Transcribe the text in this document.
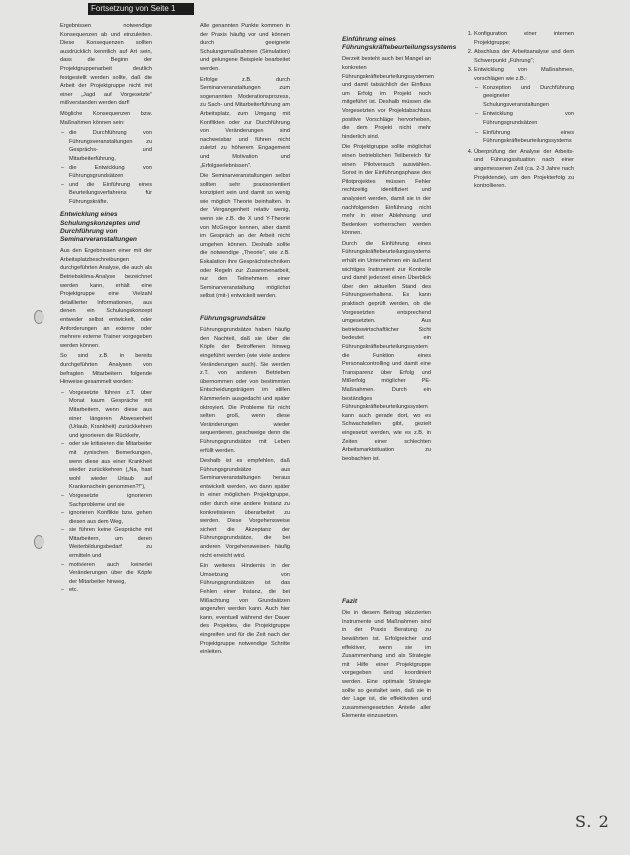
Fortsetzung von Seite 1

Ergebnissen notwendige Konsequenzen ab und einzuleiten. Diese Konsequenzen sollten ausdrücklich kenntlich auf Art sein, dass die Beginn der Projektgruppenarbeit deutlich festgestellt werden sollte, daß die Arbeit der Projektgruppe nicht mit einer „Jagd auf Vorgesetzte" mißverstanden werden darf!

Mögliche Konsequenzen bzw. Maßnahmen können sein:

– die Durchführung von Führungsveranstaltungen zu Gesprächs- und Mitarbeiterführung,
– die Entwicklung von Führungsgrundsätzen
– und die Einführung eines Beurteilungsverfahrens für Führungskräfte.
Entwicklung eines Schulungskonzeptes und Durchführung von Seminarveranstaltungen

Aus den Ergebnissen einer mit der Arbeitsplatzbeschreibungen durchgeführten Analyse, die auch als Betriebsklima-Analyse bezeichnet werden kann, erhält eine Projektgruppe eine Vielzahl detaillierter Informationen, aus denen ein Schulungskonzept entweder selbst entwickelt, oder Anforderungen an externe oder mehrere externe Trainer vorgegeben werden können.

So sind z.B. in bereits durchgeführten Analysen von befragten Mitarbeitern folgende Hinweise gesammelt worden:

– Vorgesetzte führen z.T. über Monat kaum Gespräche mit Mitarbeitern, wenn diese aus einer längeren Abwesenheit (Urlaub, Krankheit) zurückkehren und ignorieren die Rückkehr,
– oder sie kritisieren die Mitarbeiter mit zynischen Bemerkungen, wenn diese aus einer Krankheit wieder zurückkehren („Na, hast wohl wieder Urlaub auf Krankenschein genommen?!"),
– Vorgesetzte ignorieren Sachprobleme und sie
– ignorieren Konflikte bzw. gehen diesen aus dem Weg,
– sie führen keine Gespräche mit Mitarbeitern, um deren Weiterbildungsbedarf zu ermitteln und
– motivieren auch keinerlei Veränderungen über die Köpfe der Mitarbeiter hinweg,
– etc.

Alle genannten Punkte kommen in der Praxis häufig vor und können durch geeignete Schulungsmaßnahmen (Simulation) und gelungene Beispiele bearbeitet werden.

Erfolge z.B. durch Seminarveranstaltungen zum sogenannten Moderationsprozess, zu Sach- und Mitarbeiterführung am Arbeitsplatz, zum Umgang mit Konflikten oder zur Durchführung von Veränderungen sind nachweisbar und führen nicht zuletzt zu höherem Engagement und Motivation und „Erfolgserlebnissen".

Die Seminarveranstaltungen selbst sollten sehr praxisorientiert konzipiert sein und damit so wenig wie möglich Theorie beinhalten. In der Vergangenheit relativ wenig, wenn sie z.B. die X und Y-Theorie von McGregor kennen, aber damit im Gespräch an der Arbeit nicht umgehen können. Deshalb sollte die notwendige „Theorie", wie z.B. Eskalation ihre Gesprächstechniken oder Regeln zur Zusammenarbeit, nur den Teilnehmern einer Seminarveranstaltung möglichst selbst (mit-) entwickelt werden.

Führungsgrundsätze

Führungsgrundsätze haben häufig den Nachteil, daß sie über die Köpfe der Betroffenen hinweg eingeführt werden (wie viele andere Veränderungen auch). Sie werden z.T. von anderen Betrieben übernommen oder von bestimmten Entscheidungsträgern im stillen Kämmerlein ausgedacht und später oktroyiert. Die Probleme für nicht selten groß, wenn diese Veränderungen wieder sequentieren, geschweige denn die Führungsgrundsätze mit Leben erfüllt werden.

Deshalb ist es empfehlen, daß Führungsgrundsätze aus Seminarveranstaltungen heraus entwickelt werden, wo dann später in einer möglichen Projektgruppe, oder durch eine andere Instanz zu konkretisieren überarbeitet zu werden. Diese Vorgehensweise sichert die Akzeptanz der Führungsgrundsätze, die bei anderen Vorgehensweisen häufig nicht erreicht wird.

Ein weiteres Hindernis in der Umsetzung von Führungsgrundsätzen ist das Fehlen einer Instanz, die bei Mißachtung von Grundsätzen angerufen werden kann. Auch hier kann, eventuell während der Dauer des Projektes, die Projektgruppe eingreifen und für die Zeit nach der Projektgruppe notwendige Schritte einleiten.

Einführung eines Führungskräftebeurteilungssystems

Derzeit besteht auch bei Mangel an konkreten Führungskräftebeurteilungssystemen und damit tatsächlich der Einfluss um Erfolg im Projekt noch mitgeführt ist. Deshalb müssen die Vorgesetzten vor Projektabschluss positive Vorschläge hervorheben, die dem Projekt nicht mehr hinderlich sind.

Die Projektgruppe sollte möglichst einen betrieblichen Teilbereich für einen Pilotversuch auswählen. Sonst in der Einführungsphase des Pilotprojektes müssen Fehler rechtzeitig identifiziert und analysiert werden, damit sie in der nachfolgenden Einführung nicht mehr in einer Ablehnung und Bedenken vorherrschen werden können.

Durch die Einführung eines Führungskräftebeurteilungssystems erhält ein Unternehmen ein äußerst wichtiges Instrument zur Kontrolle und damit jederzeit einen Überblick über den aktuellen Stand des Führungsverhaltens. Es kann praktisch geprüft werden, ob die Vorgesetzten entsprechend umgesetzten. Aus betriebswirtschaftlicher Sicht bedeutet ein Führungskräftebeurteilungssystem die Funktion eines Personalcontrolling und damit eine Transparenz über Erfolg und Mißerfolg möglicher PE-Maßnahmen. Durch ein beständiges Führungskräftebeurteilungssystem kann auch gerade dort, wo es Schwachstellen gibt, gezielt eingesetzt werden, wie es z.B. in Zeiten einer schlechten Arbeitsmarktsituation zu beobachten ist.

Fazit

Die in diesem Beitrag skizzierten Instrumente und Maßnahmen sind in der Praxis Beratung zu bewährten ist. Erfolgreicher und effektiver, wenn sie im Zusammenhang und als Strategie mit Hilfe einer Projektgruppe vorgegeben und koordiniert werden. Eine optimale Strategie sollte so gestaltet sein, daß sie in der Lage ist, die effektivsten und zusammengesetzten Anteile aller Elemente einzusetzen.

1. Konfiguration einer internen Projektgruppe;
2. Abschluss der Arbeitsanalyse und dem Schwerpunkt „Führung";
3. Entwicklung von Maßnahmen, vorschlägen wie z.B.:
– Konzeption und Durchführung geeigneter Schulungsveranstaltungen
– Entwicklung von Führungsgrundsätzen
– Einführung eines Führungskräftebeurteilungssystems
4. Überprüfung der Analyse der Arbeits- und Führungssituation nach einer angemessenen Zeit (ca. 2-3 Jahre nach Projektende), um den Projekterfolg zu kontrollieren.
S. 2
